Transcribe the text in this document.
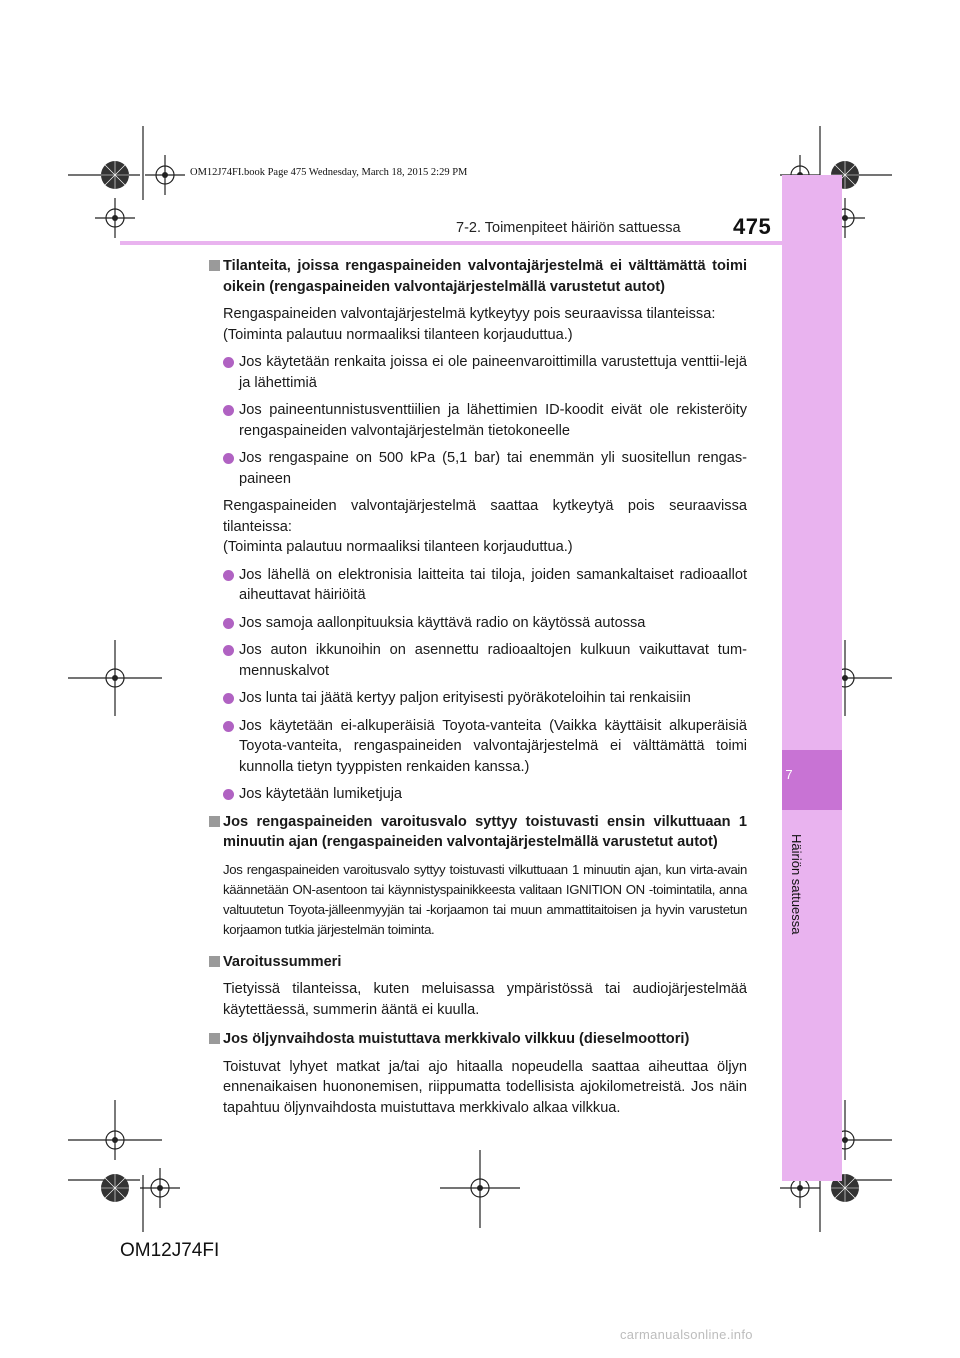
7
Häiriön sattuessa
OM12J74FI.book Page 475 Wednesday, March 18, 2015 2:29 PM
7-2. Toimenpiteet häiriön sattuessa 475
Tilanteita, joissa rengaspaineiden valvontajärjestelmä ei välttämättä toimi oikein (rengaspaineiden valvontajärjestelmällä varustetut autot)
Rengaspaineiden valvontajärjestelmä kytkeytyy pois seuraavissa tilanteissa:
(Toiminta palautuu normaaliksi tilanteen korjauduttua.)
Jos käytetään renkaita joissa ei ole paineenvaroittimilla varustettuja venttii-lejä ja lähettimiä
Jos paineentunnistusventtiilien ja lähettimien ID-koodit eivät ole rekisteröity rengaspaineiden valvontajärjestelmän tietokoneelle
Jos rengaspaine on 500 kPa (5,1 bar) tai enemmän yli suositellun rengas-paineen
Rengaspaineiden valvontajärjestelmä saattaa kytkeytyä pois seuraavissa tilanteissa:
(Toiminta palautuu normaaliksi tilanteen korjauduttua.)
Jos lähellä on elektronisia laitteita tai tiloja, joiden samankaltaiset radioaallot aiheuttavat häiriöitä
Jos samoja aallonpituuksia käyttävä radio on käytössä autossa
Jos auton ikkunoihin on asennettu radioaaltojen kulkuun vaikuttavat tum-mennuskalvot
Jos lunta tai jäätä kertyy paljon erityisesti pyöräkoteloihin tai renkaisiin
Jos käytetään ei-alkuperäisiä Toyota-vanteita (Vaikka käyttäisit alkuperäisiä Toyota-vanteita, rengaspaineiden valvontajärjestelmä ei välttämättä toimi kunnolla tietyn tyyppisten renkaiden kanssa.)
Jos käytetään lumiketjuja
Jos rengaspaineiden varoitusvalo syttyy toistuvasti ensin vilkuttuaan 1 minuutin ajan (rengaspaineiden valvontajärjestelmällä varustetut autot)
Jos rengaspaineiden varoitusvalo syttyy toistuvasti vilkuttuaan 1 minuutin ajan, kun virta-avain käännetään ON-asentoon tai käynnistyspainikkeesta valitaan IGNITION ON -toimintatila, anna valtuutetun Toyota-jälleenmyyjän tai -korjaamon tai muun ammattitaitoisen ja hyvin varustetun korjaamon tutkia järjestelmän toiminta.
Varoitussummeri
Tietyissä tilanteissa, kuten meluisassa ympäristössä tai audiojärjestelmää käytettäessä, summerin ääntä ei kuulla.
Jos öljynvaihdosta muistuttava merkkivalo vilkkuu (dieselmoottori)
Toistuvat lyhyet matkat ja/tai ajo hitaalla nopeudella saattaa aiheuttaa öljyn ennenaikaisen huononemisen, riippumatta todellisista ajokilometreistä. Jos näin tapahtuu öljynvaihdosta muistuttava merkkivalo alkaa vilkkua.
OM12J74FI
carmanualsonline.info
